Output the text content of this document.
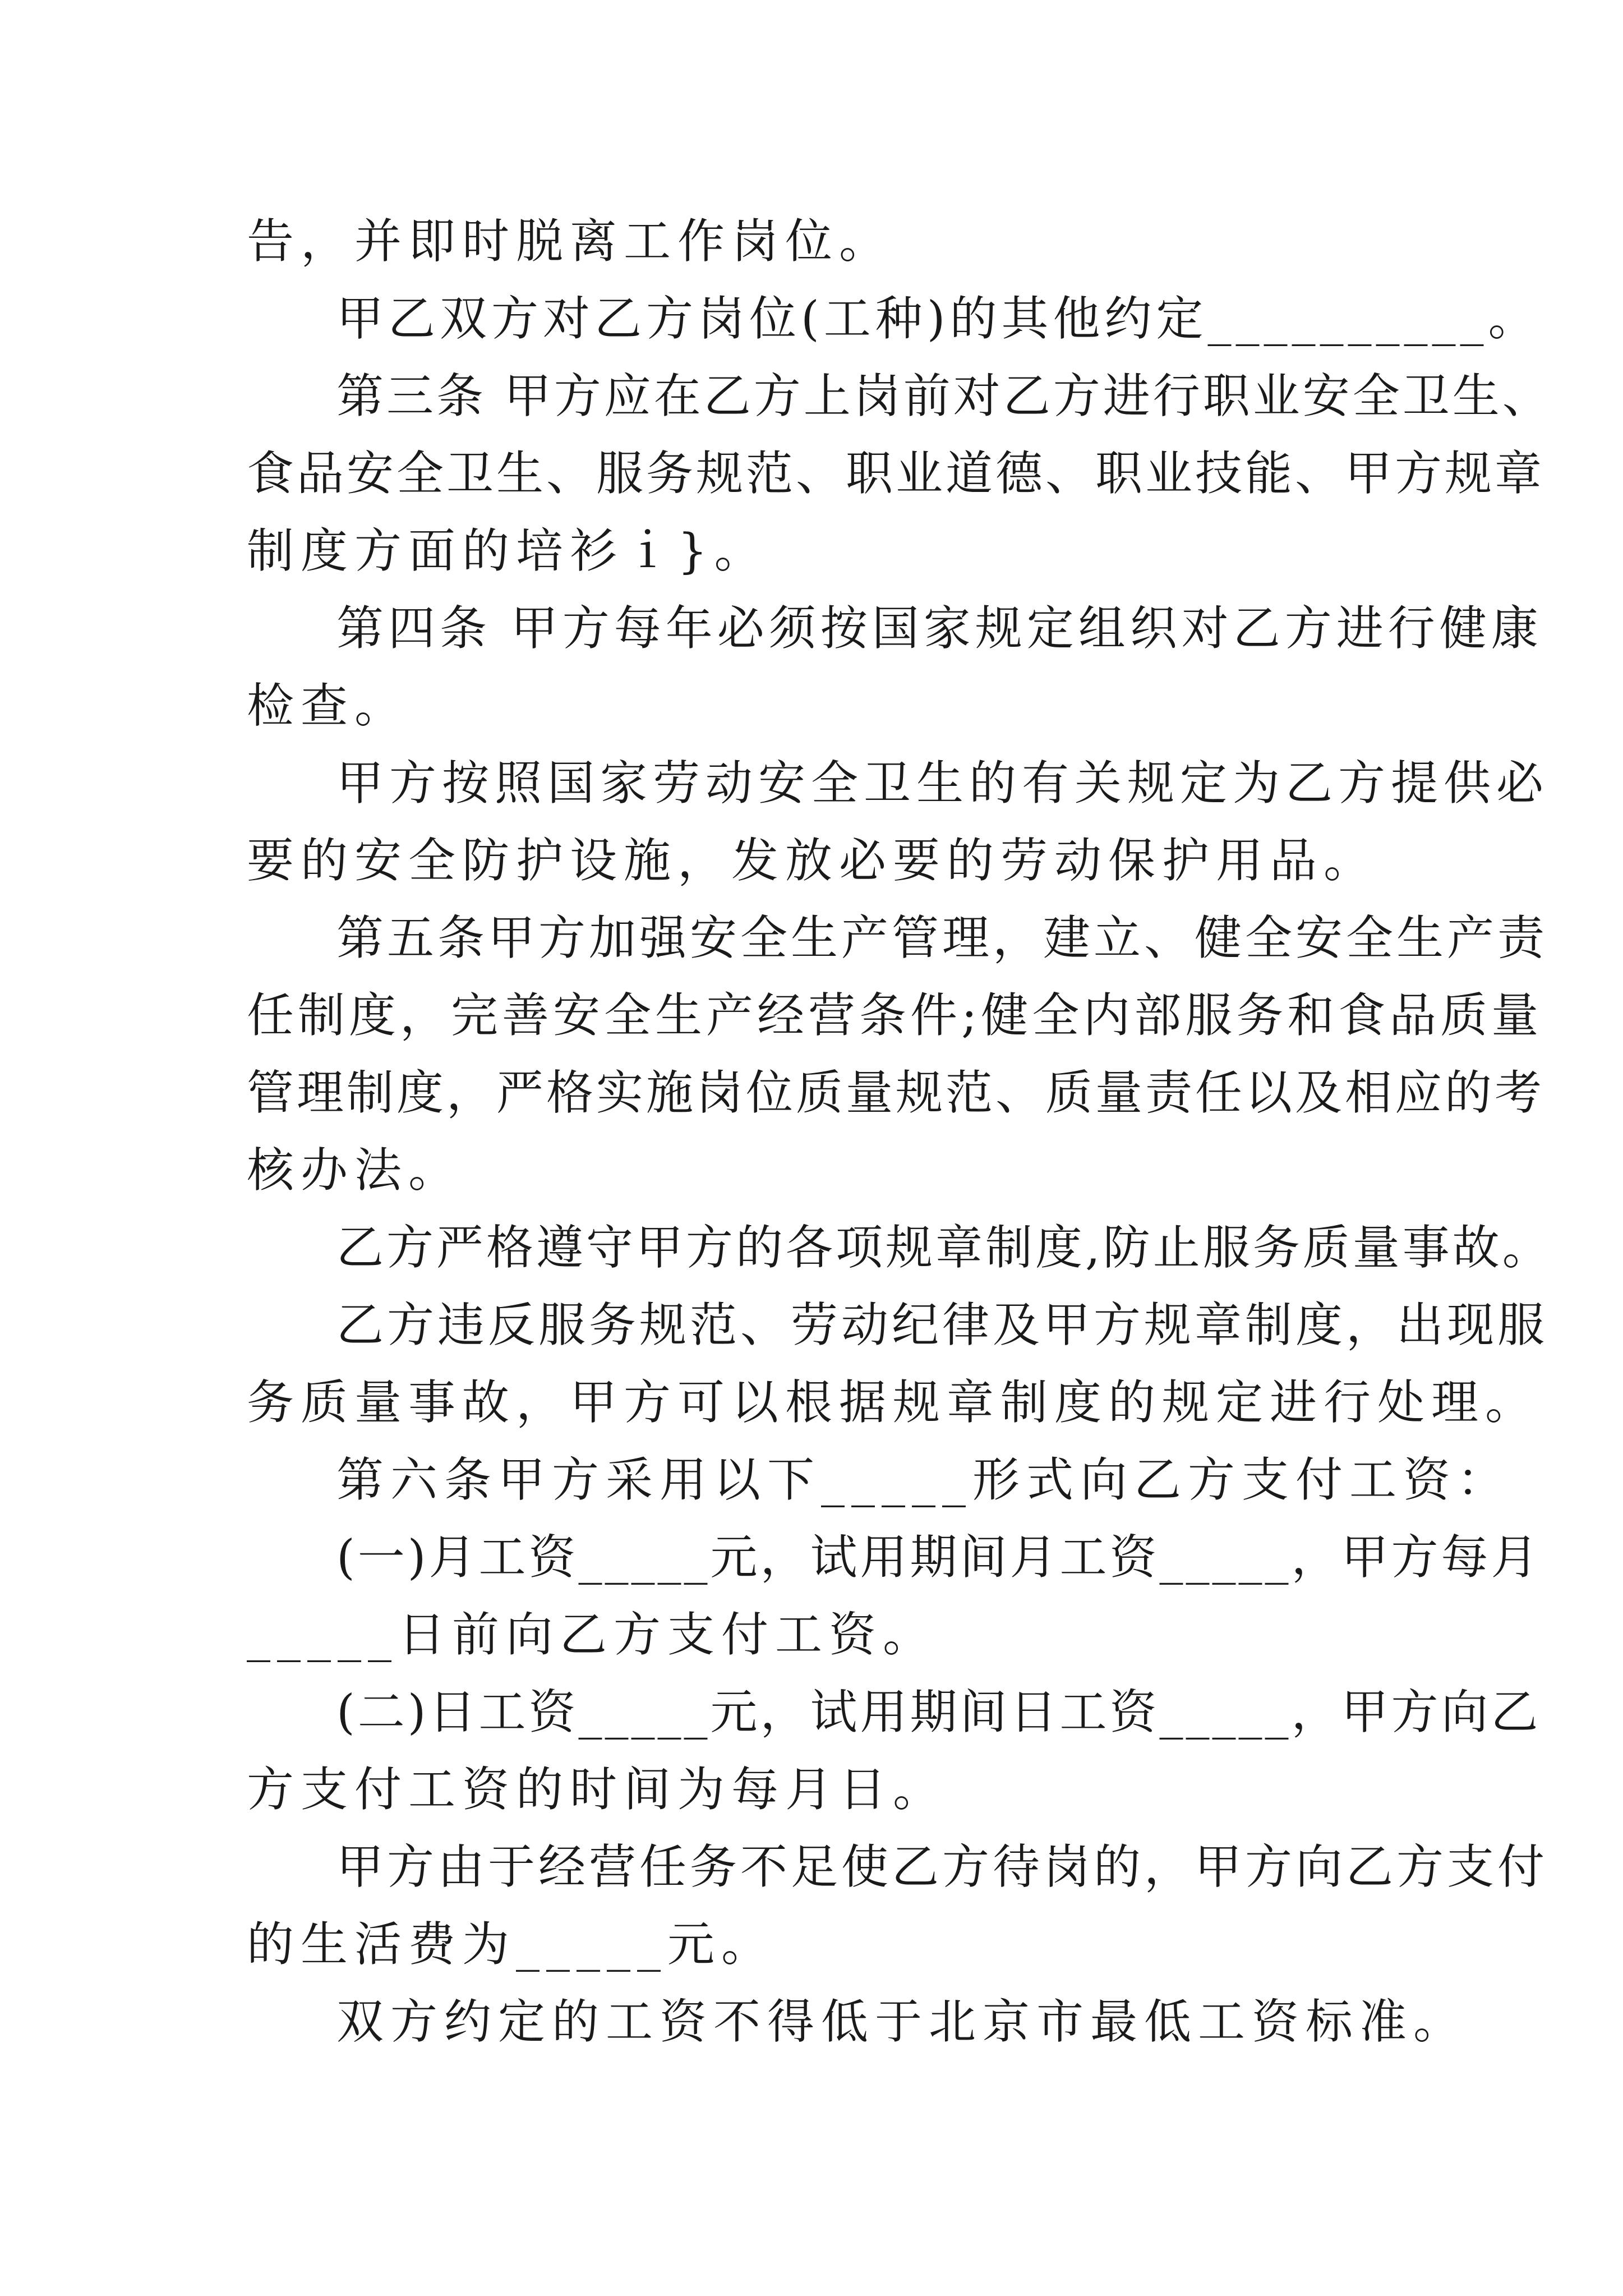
告，并即时脱离工作岗位。
甲乙双方对乙方岗位(工种)的其他约定__________。
第三条 甲方应在乙方上岗前对乙方进行职业安全卫生、
食品安全卫生、服务规范、职业道德、职业技能、甲方规章
制度方面的培衫ｉ}。
第四条 甲方每年必须按国家规定组织对乙方进行健康
检查。
甲方按照国家劳动安全卫生的有关规定为乙方提供必
要的安全防护设施，发放必要的劳动保护用品。
第五条甲方加强安全生产管理，建立、健全安全生产责
任制度，完善安全生产经营条件;健全内部服务和食品质量
管理制度，严格实施岗位质量规范、质量责任以及相应的考
核办法。
乙方严格遵守甲方的各项规章制度,防止服务质量事故。
乙方违反服务规范、劳动纪律及甲方规章制度，出现服
务质量事故，甲方可以根据规章制度的规定进行处理。
第六条甲方采用以下_____形式向乙方支付工资：
(一)月工资_____元，试用期间月工资_____，甲方每月
_____日前向乙方支付工资。
(二)日工资_____元，试用期间日工资_____，甲方向乙
方支付工资的时间为每月日。
甲方由于经营任务不足使乙方待岗的，甲方向乙方支付
的生活费为_____元。
双方约定的工资不得低于北京市最低工资标准。
